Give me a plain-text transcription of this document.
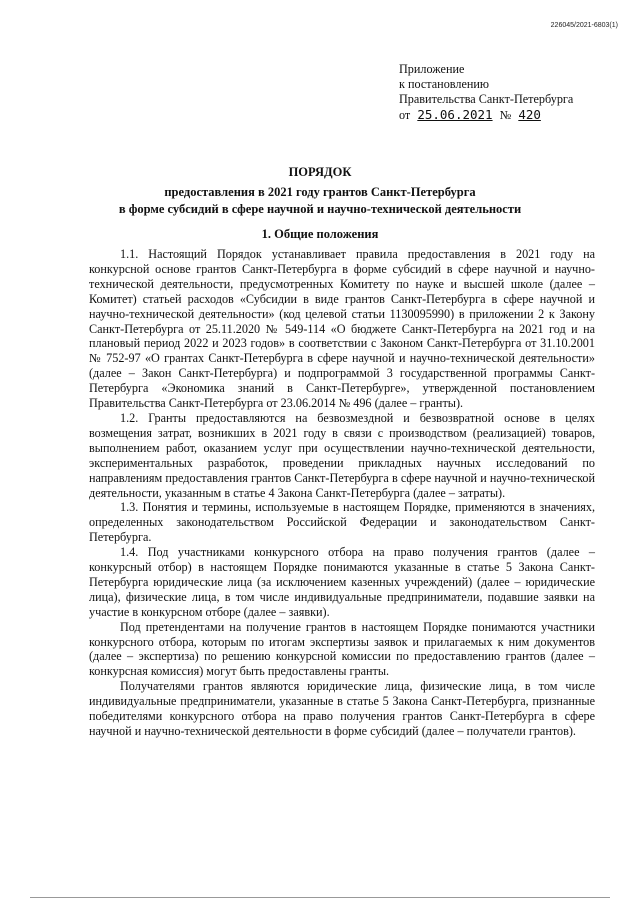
226045/2021-6803(1)
Приложение
к постановлению
Правительства Санкт-Петербурга
от 25.06.2021 № 420
ПОРЯДОК
предоставления в 2021 году грантов Санкт-Петербурга
в форме субсидий в сфере научной и научно-технической деятельности
1. Общие положения

1.1. Настоящий Порядок устанавливает правила предоставления в 2021 году на конкурсной основе грантов Санкт-Петербурга в форме субсидий в сфере научной и научно-технической деятельности, предусмотренных Комитету по науке и высшей школе (далее – Комитет) статьей расходов «Субсидии в виде грантов Санкт-Петербурга в сфере научной и научно-технической деятельности» (код целевой статьи 1130095990) в приложении 2 к Закону Санкт-Петербурга от 25.11.2020 № 549-114 «О бюджете Санкт-Петербурга на 2021 год и на плановый период 2022 и 2023 годов» в соответствии с Законом Санкт-Петербурга от 31.10.2001 № 752-97 «О грантах Санкт-Петербурга в сфере научной и научно-технической деятельности» (далее – Закон Санкт-Петербурга) и подпрограммой 3 государственной программы Санкт-Петербурга «Экономика знаний в Санкт-Петербурге», утвержденной постановлением Правительства Санкт-Петербурга от 23.06.2014 № 496 (далее – гранты).

1.2. Гранты предоставляются на безвозмездной и безвозвратной основе в целях возмещения затрат, возникших в 2021 году в связи с производством (реализацией) товаров, выполнением работ, оказанием услуг при осуществлении научно-технической деятельности, экспериментальных разработок, проведении прикладных научных исследований по направлениям предоставления грантов Санкт-Петербурга в сфере научной и научно-технической деятельности, указанным в статье 4 Закона Санкт-Петербурга (далее – затраты).

1.3. Понятия и термины, используемые в настоящем Порядке, применяются в значениях, определенных законодательством Российской Федерации и законодательством Санкт-Петербурга.

1.4. Под участниками конкурсного отбора на право получения грантов (далее – конкурсный отбор) в настоящем Порядке понимаются указанные в статье 5 Закона Санкт-Петербурга юридические лица (за исключением казенных учреждений) (далее – юридические лица), физические лица, в том числе индивидуальные предприниматели, подавшие заявки на участие в конкурсном отборе (далее – заявки).

Под претендентами на получение грантов в настоящем Порядке понимаются участники конкурсного отбора, которым по итогам экспертизы заявок и прилагаемых к ним документов (далее – экспертиза) по решению конкурсной комиссии по предоставлению грантов (далее – конкурсная комиссия) могут быть предоставлены гранты.

Получателями грантов являются юридические лица, физические лица, в том числе индивидуальные предприниматели, указанные в статье 5 Закона Санкт-Петербурга, признанные победителями конкурсного отбора на право получения грантов Санкт-Петербурга в сфере научной и научно-технической деятельности в форме субсидий (далее – получатели грантов).
